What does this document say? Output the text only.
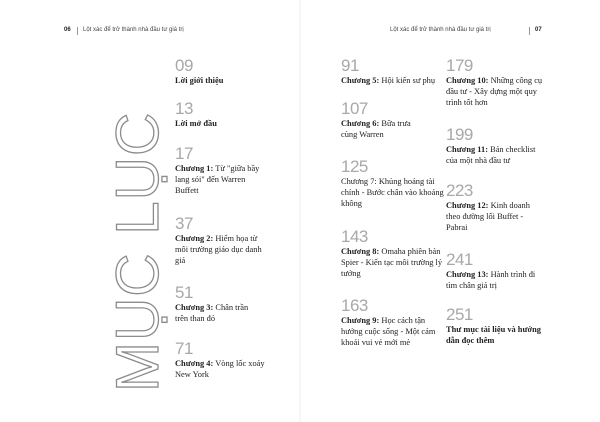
06 Lột xác để trở thành nhà đầu tư giá trị	Lột xác để trở thành nhà đầu tư giá trị	07
MỤC LỤC
09
Lời giới thiệu
13
Lời mở đầu
17
Chương 1: Từ "giữa bầy lang sói" đến Warren Buffett
37
Chương 2: Hiểm họa từ môi trường giáo dục danh giá
51
Chương 3: Chân trần trên than đỏ
71
Chương 4: Vòng lốc xoáy New York
91
Chương 5: Hội kiến sư phụ
107
Chương 6: Bữa trưa cùng Warren
125
Chương 7: Khủng hoảng tài chính - Bước chân vào khoảng không
143
Chương 8: Omaha phiên bản Spier - Kiến tạc môi trường lý tưởng
163
Chương 9: Học cách tận hưởng cuộc sống - Một cảm khoái vui vẻ mới mẻ
179
Chương 10: Những công cụ đầu tư - Xây dựng một quy trình tốt hơn
199
Chương 11: Bản checklist của một nhà đầu tư
223
Chương 12: Kinh doanh theo đường lối Buffet - Pabrai
241
Chương 13: Hành trình đi tìm chân giá trị
251
Thư mục tài liệu và hướng dẫn đọc thêm
